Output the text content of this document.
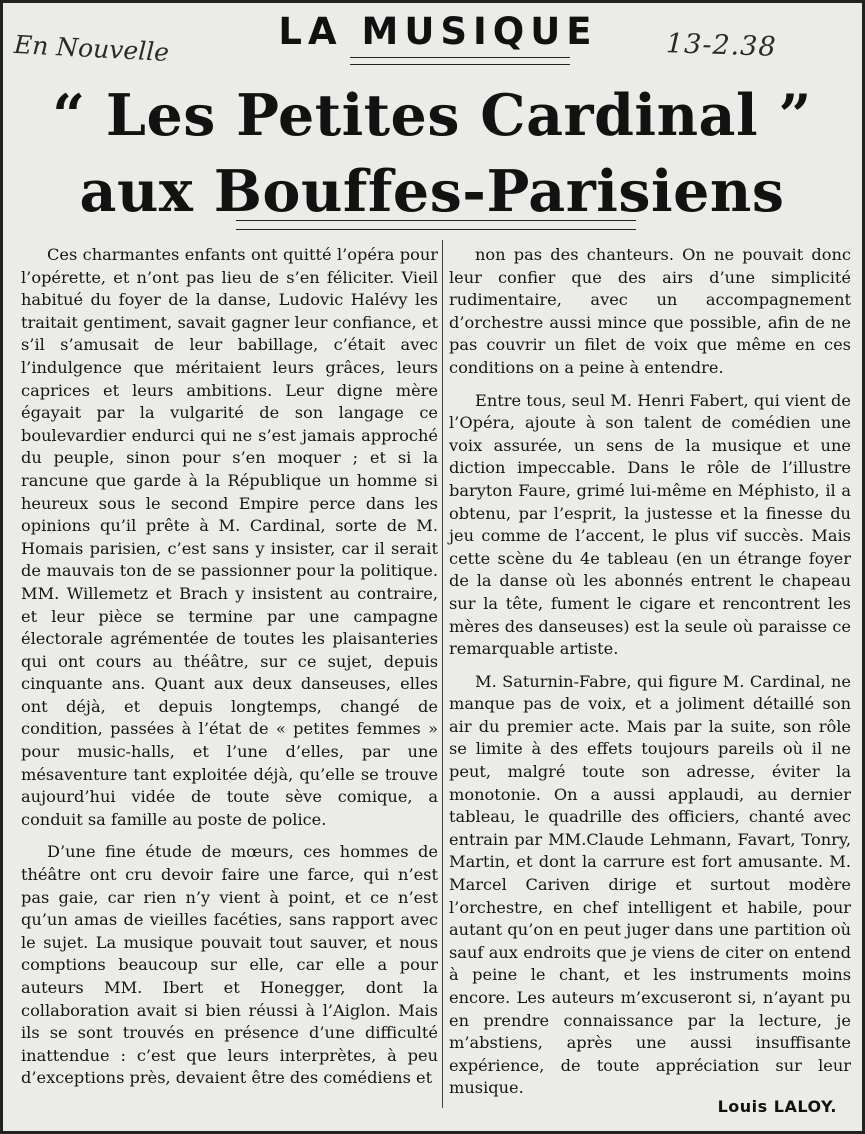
En Nouvelle	13-2.38
LA MUSIQUE
“ Les Petites Cardinal ”
aux Bouffes-Parisiens

Ces charmantes enfants ont quitté l’opéra pour l’opérette, et n’ont pas lieu de s’en féliciter. Vieil habitué du foyer de la danse, Ludovic Halévy les traitait gentiment, savait gagner leur confiance, et s’il s’amusait de leur babillage, c’était avec l’indulgence que méritaient leurs grâces, leurs caprices et leurs ambitions. Leur digne mère égayait par la vulgarité de son langage ce boulevardier endurci qui ne s’est jamais approché du peuple, sinon pour s’en moquer ; et si la rancune que garde à la République un homme si heureux sous le second Empire perce dans les opinions qu’il prête à M. Cardinal, sorte de M. Homais parisien, c’est sans y insister, car il serait de mauvais ton de se passionner pour la politique. MM. Willemetz et Brach y insistent au contraire, et leur pièce se termine par une campagne électorale agrémentée de toutes les plaisanteries qui ont cours au théâtre, sur ce sujet, depuis cinquante ans. Quant aux deux danseuses, elles ont déjà, et depuis longtemps, changé de condition, passées à l’état de « petites femmes » pour music-halls, et l’une d’elles, par une mésaventure tant exploitée déjà, qu’elle se trouve aujourd’hui vidée de toute sève comique, a conduit sa famille au poste de police.

D’une fine étude de mœurs, ces hommes de théâtre ont cru devoir faire une farce, qui n’est pas gaie, car rien n’y vient à point, et ce n’est qu’un amas de vieilles facéties, sans rapport avec le sujet. La musique pouvait tout sauver, et nous comptions beaucoup sur elle, car elle a pour auteurs MM. Ibert et Honegger, dont la collaboration avait si bien réussi à l’Aiglon. Mais ils se sont trouvés en présence d’une difficulté inattendue : c’est que leurs interprètes, à peu d’exceptions près, devaient être des comédiens et

non pas des chanteurs. On ne pouvait donc leur confier que des airs d’une simplicité rudimentaire, avec un accompagnement d’orchestre aussi mince que possible, afin de ne pas couvrir un filet de voix que même en ces conditions on a peine à entendre.

Entre tous, seul M. Henri Fabert, qui vient de l’Opéra, ajoute à son talent de comédien une voix assurée, un sens de la musique et une diction impeccable. Dans le rôle de l’illustre baryton Faure, grimé lui-même en Méphisto, il a obtenu, par l’esprit, la justesse et la finesse du jeu comme de l’accent, le plus vif succès. Mais cette scène du 4e tableau (en un étrange foyer de la danse où les abonnés entrent le chapeau sur la tête, fument le cigare et rencontrent les mères des danseuses) est la seule où paraisse ce remarquable artiste.

M. Saturnin-Fabre, qui figure M. Cardinal, ne manque pas de voix, et a joliment détaillé son air du premier acte. Mais par la suite, son rôle se limite à des effets toujours pareils où il ne peut, malgré toute son adresse, éviter la monotonie. On a aussi applaudi, au dernier tableau, le quadrille des officiers, chanté avec entrain par MM.Claude Lehmann, Favart, Tonry, Martin, et dont la carrure est fort amusante. M. Marcel Cariven dirige et surtout modère l’orchestre, en chef intelligent et habile, pour autant qu’on en peut juger dans une partition où sauf aux endroits que je viens de citer on entend à peine le chant, et les instruments moins encore. Les auteurs m’excuseront si, n’ayant pu en prendre connaissance par la lecture, je m’abstiens, après une aussi insuffisante expérience, de toute appréciation sur leur musique.

Louis LALOY.
